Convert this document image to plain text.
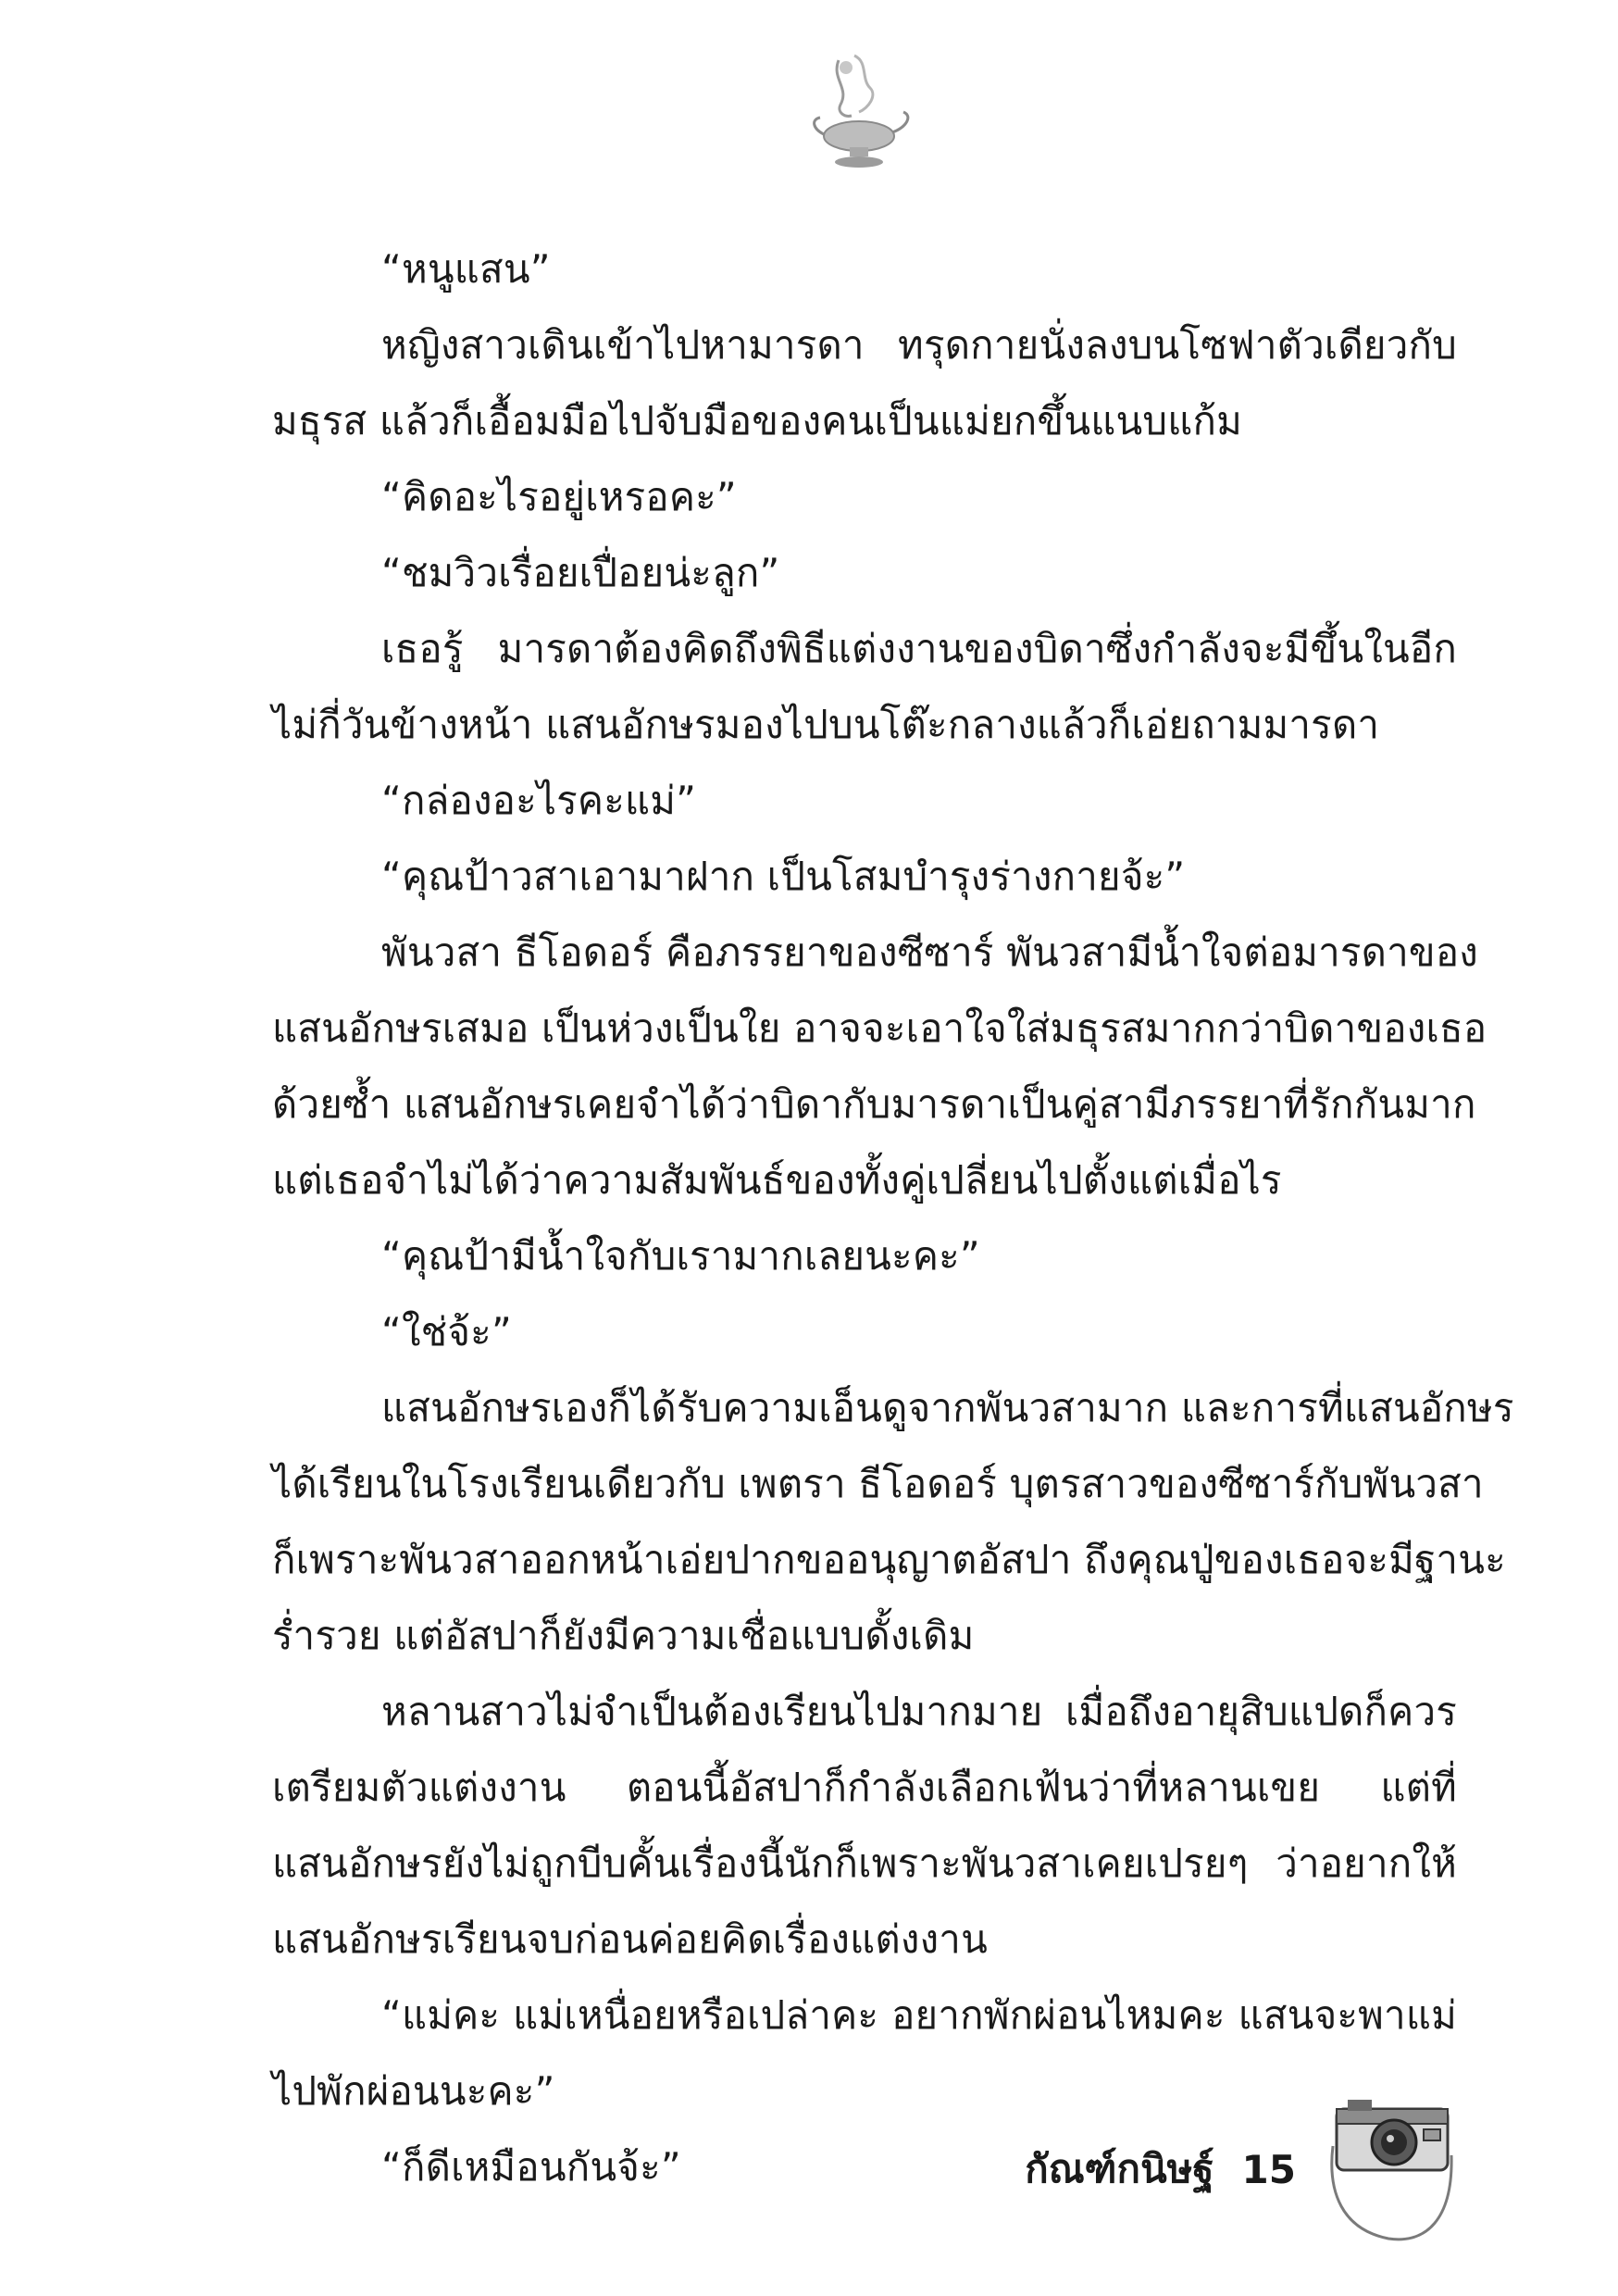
“หนูแสน”
หญิงสาวเดินเข้าไปหามารดา ทรุดกายนั่งลงบนโซฟาตัวเดียวกับ
มธุรส แล้วก็เอื้อมมือไปจับมือของคนเป็นแม่ยกขึ้นแนบแก้ม
“คิดอะไรอยู่เหรอคะ”
“ชมวิวเรื่อยเปื่อยน่ะลูก”
เธอรู้ มารดาต้องคิดถึงพิธีแต่งงานของบิดาซึ่งกำลังจะมีขึ้นในอีก
ไม่กี่วันข้างหน้า แสนอักษรมองไปบนโต๊ะกลางแล้วก็เอ่ยถามมารดา
“กล่องอะไรคะแม่”
“คุณป้าวสาเอามาฝาก เป็นโสมบำรุงร่างกายจ้ะ”
พันวสา ธีโอดอร์ คือภรรยาของซีซาร์ พันวสามีน้ำใจต่อมารดาของ
แสนอักษรเสมอ เป็นห่วงเป็นใย อาจจะเอาใจใส่มธุรสมากกว่าบิดาของเธอ
ด้วยซ้ำ แสนอักษรเคยจำได้ว่าบิดากับมารดาเป็นคู่สามีภรรยาที่รักกันมาก
แต่เธอจำไม่ได้ว่าความสัมพันธ์ของทั้งคู่เปลี่ยนไปตั้งแต่เมื่อไร
“คุณป้ามีน้ำใจกับเรามากเลยนะคะ”
“ใช่จ้ะ”
แสนอักษรเองก็ได้รับความเอ็นดูจากพันวสามาก และการที่แสนอักษร
ได้เรียนในโรงเรียนเดียวกับ เพตรา ธีโอดอร์ บุตรสาวของซีซาร์กับพันวสา
ก็เพราะพันวสาออกหน้าเอ่ยปากขออนุญาตอัสปา ถึงคุณปู่ของเธอจะมีฐานะ
ร่ำรวย แต่อัสปาก็ยังมีความเชื่อแบบดั้งเดิม
หลานสาวไม่จำเป็นต้องเรียนไปมากมาย เมื่อถึงอายุสิบแปดก็ควร
เตรียมตัวแต่งงาน ตอนนี้อัสปาก็กำลังเลือกเฟ้นว่าที่หลานเขย แต่ที่
แสนอักษรยังไม่ถูกบีบคั้นเรื่องนี้นักก็เพราะพันวสาเคยเปรยๆ ว่าอยากให้
แสนอักษรเรียนจบก่อนค่อยคิดเรื่องแต่งงาน
“แม่คะ แม่เหนื่อยหรือเปล่าคะ อยากพักผ่อนไหมคะ แสนจะพาแม่
ไปพักผ่อนนะคะ”
“ก็ดีเหมือนกันจ้ะ”	กัณฑ์กนิษฐ์ 15
